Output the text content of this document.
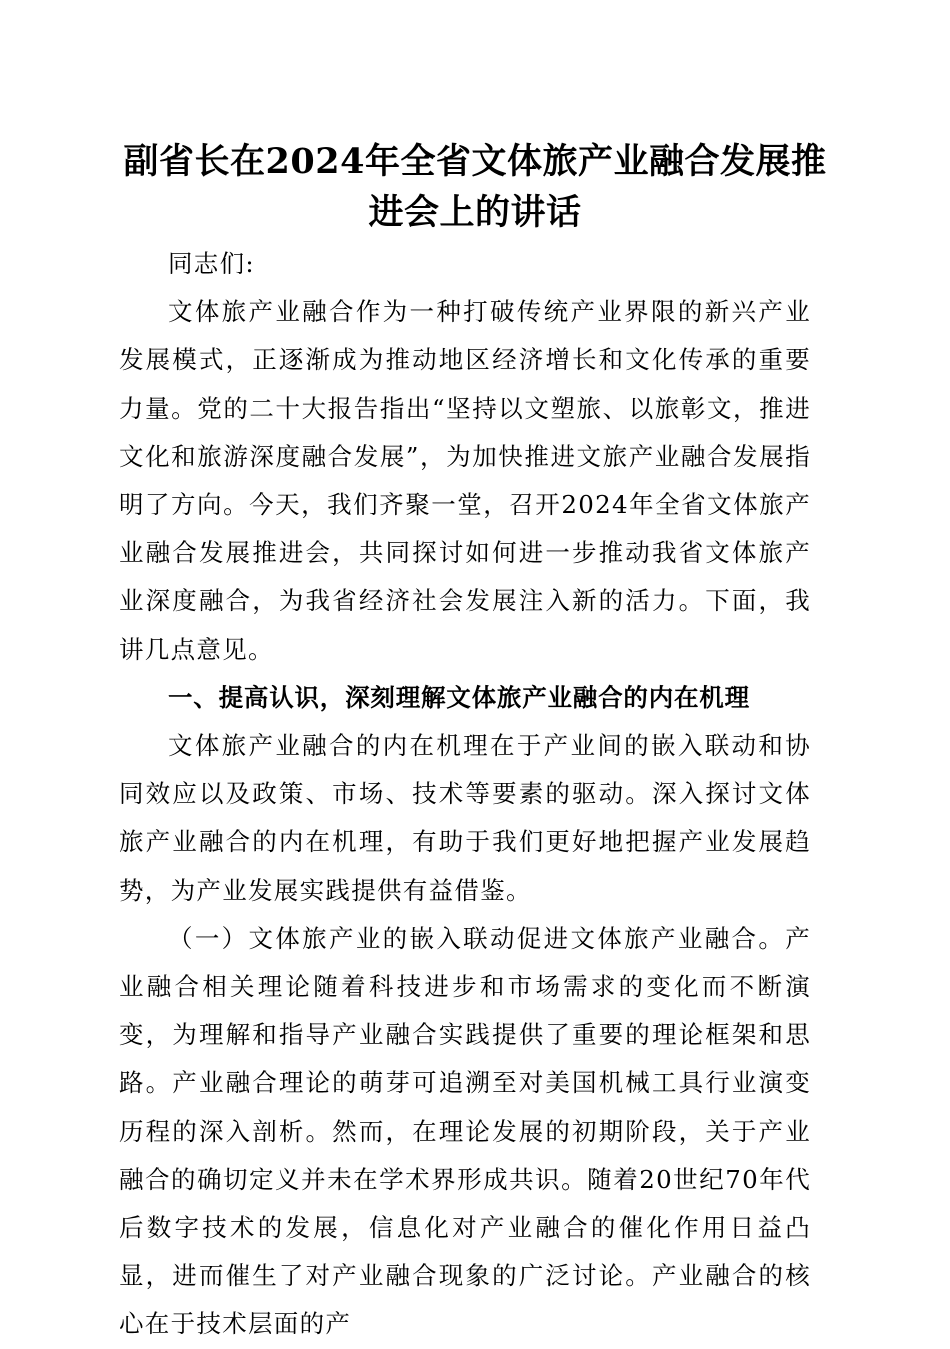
副省长在2024年全省文体旅产业融合发展推进会上的讲话

同志们:

文体旅产业融合作为一种打破传统产业界限的新兴产业发展模式，正逐渐成为推动地区经济增长和文化传承的重要力量。党的二十大报告指出“坚持以文塑旅、以旅彰文，推进文化和旅游深度融合发展”，为加快推进文旅产业融合发展指明了方向。今天，我们齐聚一堂，召开2024年全省文体旅产业融合发展推进会，共同探讨如何进一步推动我省文体旅产业深度融合，为我省经济社会发展注入新的活力。下面，我讲几点意见。

一、提高认识，深刻理解文体旅产业融合的内在机理

文体旅产业融合的内在机理在于产业间的嵌入联动和协同效应以及政策、市场、技术等要素的驱动。深入探讨文体旅产业融合的内在机理，有助于我们更好地把握产业发展趋势，为产业发展实践提供有益借鉴。

（一）文体旅产业的嵌入联动促进文体旅产业融合。产业融合相关理论随着科技进步和市场需求的变化而不断演变，为理解和指导产业融合实践提供了重要的理论框架和思路。产业融合理论的萌芽可追溯至对美国机械工具行业演变历程的深入剖析。然而，在理论发展的初期阶段，关于产业融合的确切定义并未在学术界形成共识。随着20世纪70年代后数字技术的发展，信息化对产业融合的催化作用日益凸显，进而催生了对产业融合现象的广泛讨论。产业融合的核心在于技术层面的产
